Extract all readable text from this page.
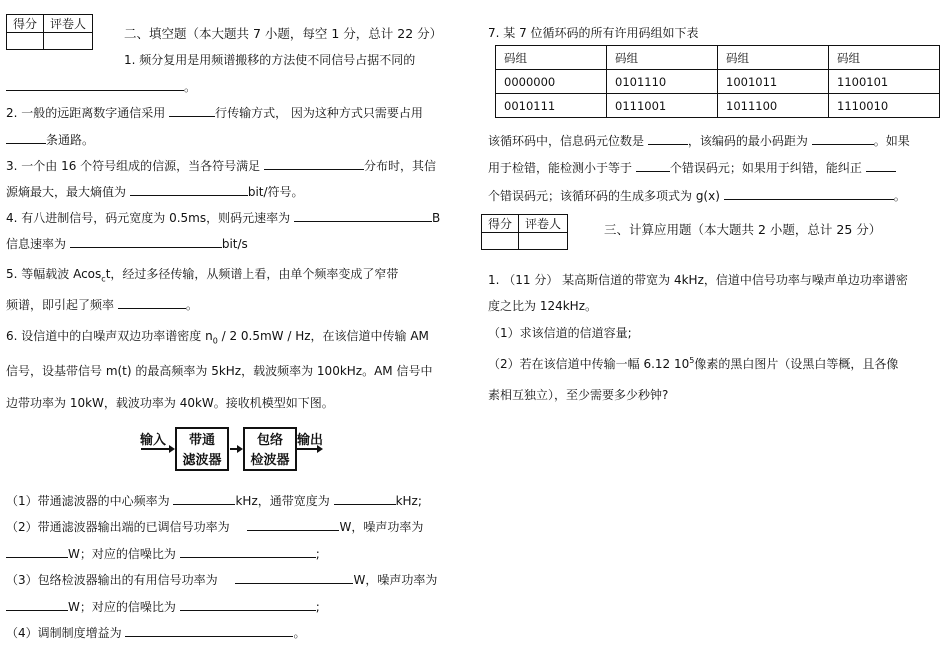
得分	评卷人

二、填空题（本大题共 7 小题，每空 1 分，总计 22 分）
1. 频分复用是用频谱搬移的方法使不同信号占据不同的
。
2. 一般的远距离数字通信采用	行传输方式， 因为这种方式只需要占用
条通路。
3. 一个由 16 个符号组成的信源，当各符号满足	分布时，其信
源熵最大，最大熵值为	bit/符号。
4. 有八进制信号，码元宽度为 0.5ms，则码元速率为	B
信息速率为	bit/s
5. 等幅载波 Acos$_c$t，经过多径传输，从频谱上看，由单个频率变成了窄带
频谱，即引起了频率	。
6. 设信道中的白噪声双边功率谱密度 $n_0 / 2$ 0.5mW / Hz，在该信道中传输 AM
信号，设基带信号 m(t) 的最高频率为 5kHz，载波频率为 100kHz。AM 信号中
边带功率为 10kW，载波功率为 40kW。接收机模型如下图。
输入	带通
滤波器
包络
检波器
输出
（1）带通滤波器的中心频率为	kHz，通带宽度为	kHz;
（2）带通滤波器输出端的已调信号功率为	W，噪声功率为
W；对应的信噪比为	;
（3）包络检波器输出的有用信号功率为	W，噪声功率为
W；对应的信噪比为	;
（4）调制制度增益为	。
7. 某 7 位循环码的所有许用码组如下表
码组	码组	码组	码组
0000000	0101110	1001011	1100101
0010111	0111001	1011100	1110010
该循环码中，信息码元位数是	，该编码的最小码距为	。如果
用于检错，能检测小于等于	个错误码元；如果用于纠错，能纠正
个错误码元；该循环码的生成多项式为 g(x)	。
得分	评卷人
		三、计算应用题（本大题共 2 小题，总计 25 分）
1. （11 分） 某高斯信道的带宽为 4kHz，信道中信号功率与噪声单边功率谱密
度之比为 124kHz。
（1）求该信道的信道容量;
（2）若在该信道中传输一幅 6.12 $10^5$像素的黑白图片（设黑白等概，且各像
素相互独立），至少需要多少秒钟?
